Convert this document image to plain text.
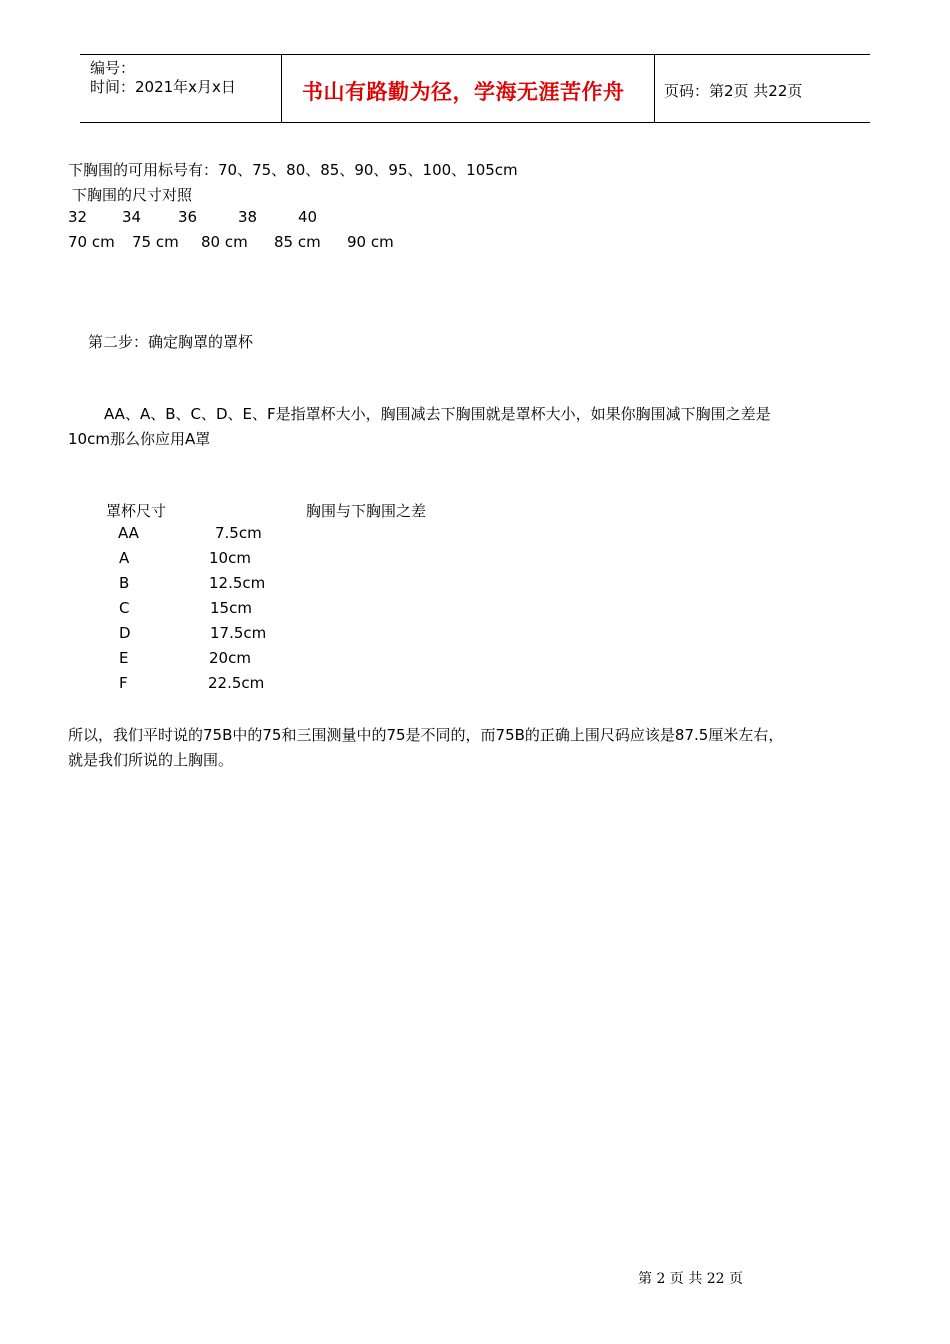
编号：
时间：2021年x月x日	书山有路勤为径，学海无涯苦作舟	页码：第2页 共22页
下胸围的可用标号有：70、75、80、85、90、95、100、105cm
下胸围的尺寸对照
32	34	36	38	40
70 cm	75 cm	80 cm	85 cm	90 cm
第二步：确定胸罩的罩杯
AA、A、B、C、D、E、F是指罩杯大小，胸围减去下胸围就是罩杯大小，如果你胸围减下胸围之差是
10cm那么你应用A罩
罩杯尺寸	胸围与下胸围之差
AA	7.5cm
A	10cm
B	12.5cm
C	15cm
D	17.5cm
E	20cm
F	22.5cm
所以，我们平时说的75B中的75和三围测量中的75是不同的，而75B的正确上围尺码应该是87.5厘米左右，
就是我们所说的上胸围。
第 2 页 共 22 页
